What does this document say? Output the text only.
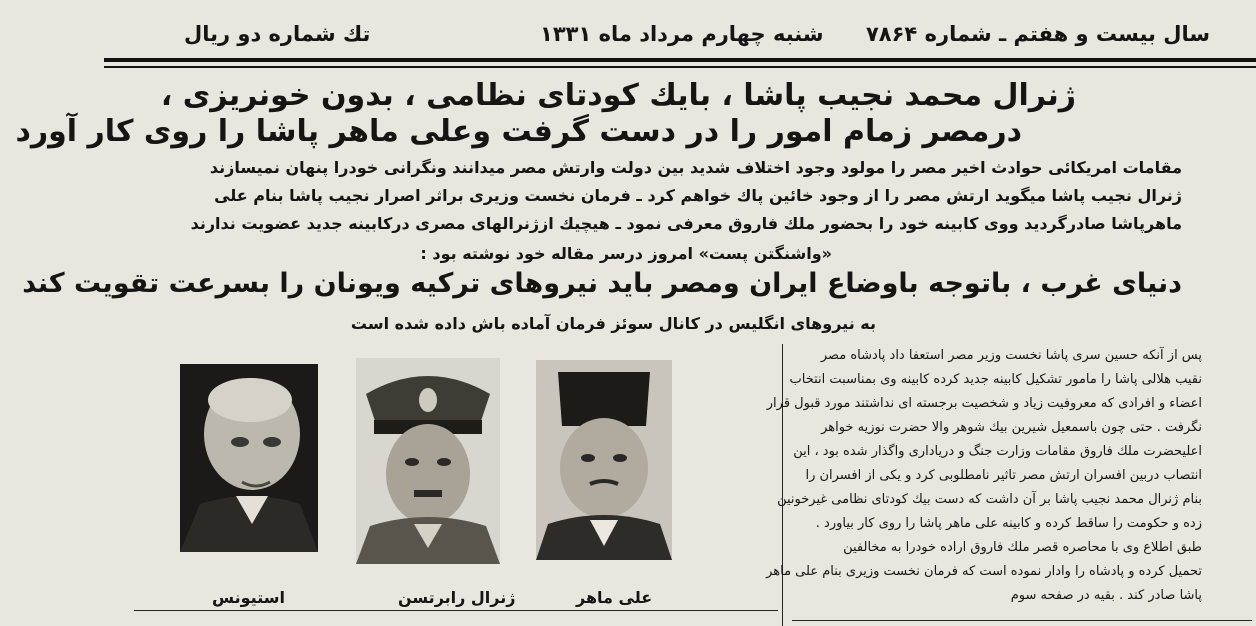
سال بیست و هفتم ـ شماره ۷۸۶۴
شنبه چهارم مرداد ماه ۱۳۳۱
تك شماره دو ریال
ژنرال محمد نجیب پاشا ، بایك کودتای نظامی ، بدون خونریزی ،
درمصر زمام امور را در دست گرفت وعلی ماهر پاشا را روی کار آورد
مقامات امریکائی حوادث اخیر مصر را مولود وجود اختلاف شدید بین دولت وارتش مصر میدانند ونگرانی خودرا پنهان نمیسازند
ژنرال نجیب پاشا میگوید ارتش مصر را از وجود خائین پاك خواهم کرد ـ فرمان نخست وزیری براثر اصرار نجیب پاشا بنام علی
ماهرپاشا صادرگردید ووی کابینه خود را بحضور ملك فاروق معرفی نمود ـ هیچیك ازژنرالهای مصری درکابینه جدید عضویت ندارند
«واشنگتن پست» امروز درسر مقاله خود نوشته بود :
دنیای غرب ، باتوجه باوضاع ایران ومصر باید نیروهای ترکیه ویونان را بسرعت تقویت کند
به نیروهای انگلیس در کانال سوئز فرمان آماده باش داده شده است
استیونس	ژنرال رابرتسن	علی ماهر
پس از آنکه حسین سری پاشا نخست وزیر مصر استعفا داد پادشاه مصر
نقیب هلالی پاشا را مامور تشکیل کابینه جدید کرده کابینه وی بمناسبت انتخاب
اعضاء و افرادی که معروفیت زیاد و شخصیت برجسته ای نداشتند مورد قبول قرار
نگرفت . حتی چون باسمعیل شیرین بیك شوهر والا حضرت نوزیه خواهر
اعلیحضرت ملك فاروق مقامات وزارت جنگ و دریاداری واگذار شده بود ، این
انتصاب دربین افسران ارتش مصر تاثیر نامطلوبی کرد و یکی از افسران را
بنام ژنرال محمد نجیب پاشا بر آن داشت که دست بیك کودتای نظامی غیرخونین
زده و حکومت را ساقط کرده و کابینه علی ماهر پاشا را روی کار بیاورد .
طبق اطلاع وی با محاصره قصر ملك فاروق اراده خودرا به مخالفین
تحمیل کرده و پادشاه را وادار نموده است که فرمان نخست وزیری بنام علی ماهر
پاشا صادر کند . بقیه در صفحه سوم
